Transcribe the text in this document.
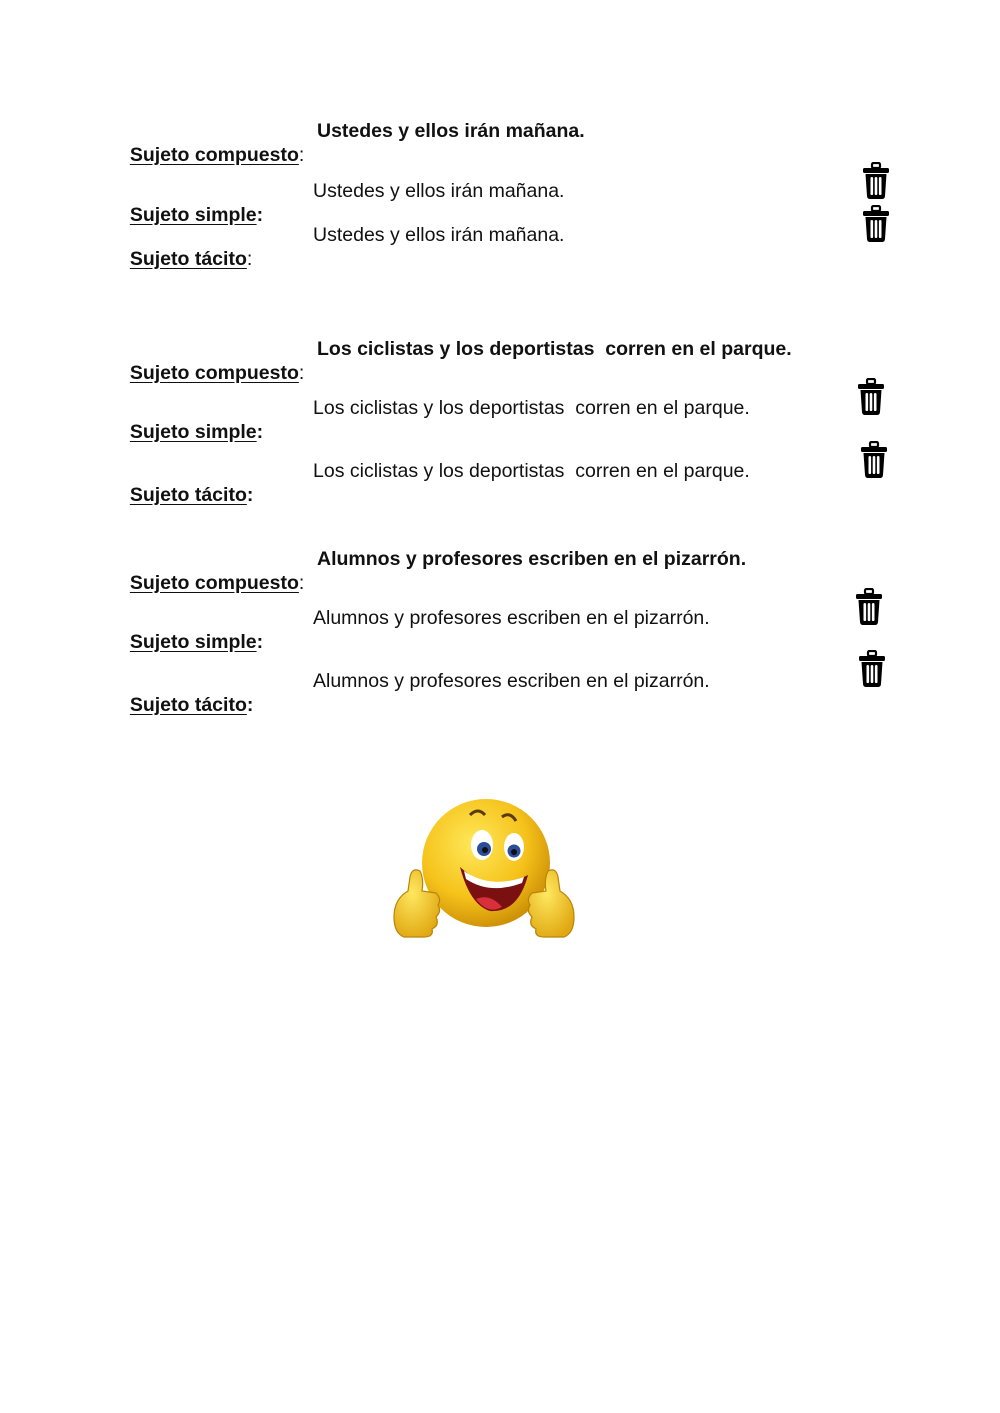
Sujeto compuesto:

Ustedes y ellos irán mañana.

Sujeto simple:

Ustedes y ellos irán mañana.

Sujeto tácito:

Ustedes y ellos irán mañana.

Sujeto compuesto:

Los ciclistas y los deportistas  corren en el parque.

Sujeto simple:

Los ciclistas y los deportistas  corren en el parque.

Sujeto tácito:

Los ciclistas y los deportistas  corren en el parque.

Sujeto compuesto:

Alumnos y profesores escriben en el pizarrón.

Sujeto simple:

Alumnos y profesores escriben en el pizarrón.

Sujeto tácito:

Alumnos y profesores escriben en el pizarrón.
